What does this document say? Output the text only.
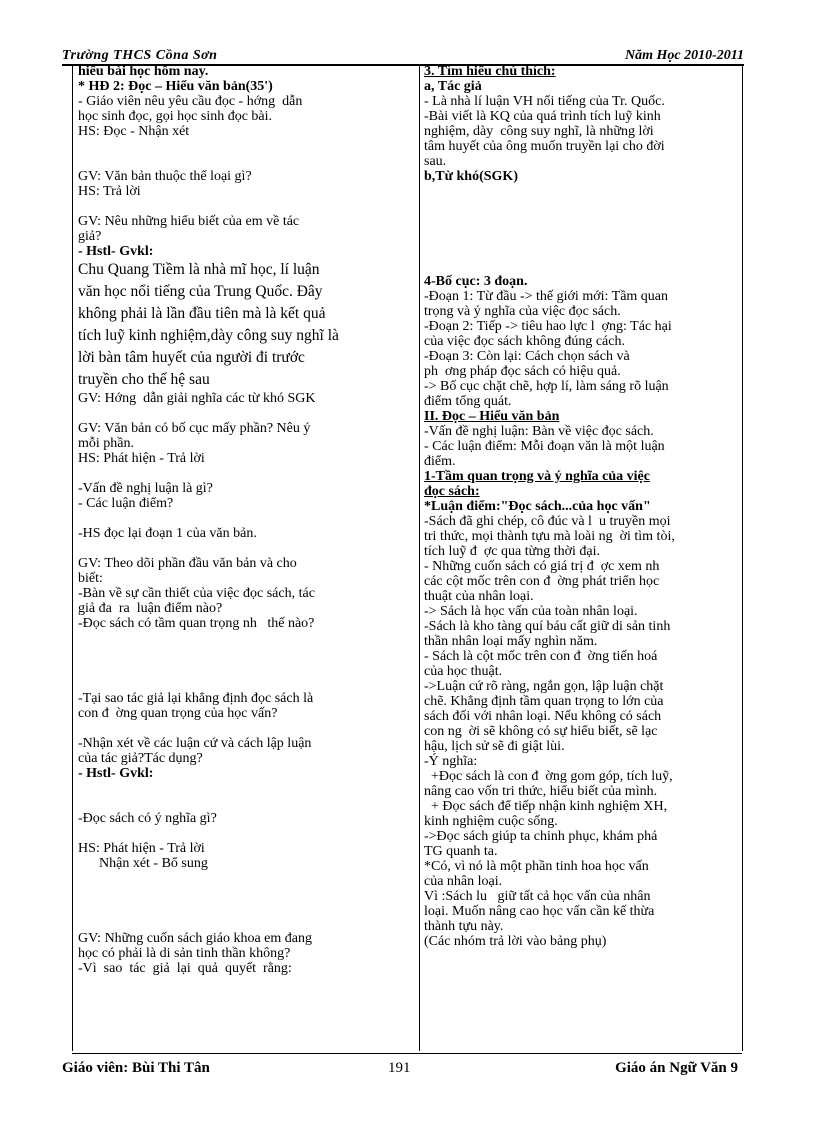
Trường THCS Cồna Sơn	Năm Học 2010-2011
hiểu bài học hôm nay.
* HĐ 2: Đọc – Hiểu văn bản(35')
- Giáo viên nêu yêu cầu đọc - hớng  dẫn
học sinh đọc, gọi học sinh đọc bài.
HS: Đọc - Nhận xét

GV: Văn bản thuộc thể loại gì?
HS: Trả lời

GV: Nêu những hiểu biết của em về tác
giả?
- Hstl- Gvkl:
Chu Quang Tiềm là nhà mĩ học, lí luận
văn học nổi tiếng của Trung Quốc. Đây
không phải là lần đầu tiên mà là kết quả
tích luỹ kinh nghiệm,dày công suy nghĩ là
lời bàn tâm huyết của người đi trước
truyền cho thế hệ sau
GV: Hớng  dẫn giải nghĩa các từ khó SGK

GV: Văn bản có bố cục mấy phần? Nêu ý
mỗi phần.
HS: Phát hiện - Trả lời

-Vấn đề nghị luận là gì?
- Các luận điểm?

-HS đọc lại đoạn 1 của văn bản.

GV: Theo dõi phần đầu văn bản và cho
biết:
-Bàn về sự cần thiết của việc đọc sách, tác
giả đa  ra  luận điểm nào?
-Đọc sách có tầm quan trọng nh   thế nào?

-Tại sao tác giả lại khẳng định đọc sách là
con đ  ờng quan trọng của học vấn?

-Nhận xét về các luận cứ và cách lập luận
của tác giả?Tác dụng?
- Hstl- Gvkl:

-Đọc sách có ý nghĩa gì?

HS: Phát hiện - Trả lời
Nhận xét - Bổ sung

GV: Những cuốn sách giáo khoa em đang
học có phải là di sản tinh thần không?
-Vì  sao  tác  giả  lại  quả  quyết  rằng:
3. Tìm hiểu chú thích:
a, Tác giả
- Là nhà lí luận VH nổi tiếng của Tr. Quốc.
-Bài viết là KQ của quá trình tích luỹ kinh
nghiệm, dày  công suy nghĩ, là những lời
tâm huyết của ông muốn truyền lại cho đời
sau.
b,Từ khó(SGK)

4-Bố cục: 3 đoạn.
-Đoạn 1: Từ đầu -> thế giới mới: Tầm quan
trọng và ý nghĩa của việc đọc sách.
-Đoạn 2: Tiếp -> tiêu hao lực l  ợng: Tác hại
của việc đọc sách không đúng cách.
-Đoạn 3: Còn lại: Cách chọn sách và
ph  ơng pháp đọc sách có hiệu quả.
-> Bố cục chặt chẽ, hợp lí, làm sáng rõ luận
điểm tổng quát.
II. Đọc – Hiểu văn bản
-Vấn đề nghị luận: Bàn về việc đọc sách.
- Các luận điểm: Mỗi đoạn văn là một luận
điểm.
1-Tầm quan trọng và ý nghĩa của việc
đọc sách:
*Luận điểm:"Đọc sách...của học vấn"
-Sách đã ghi chép, cô đúc và l  u truyền mọi
tri thức, mọi thành tựu mà loài ng  ời tìm tòi,
tích luỹ đ  ợc qua từng thời đại.
- Những cuốn sách có giá trị đ  ợc xem nh
các cột mốc trên con đ  ờng phát triển học
thuật của nhân loại.
-> Sách là học vấn của toàn nhân loại.
-Sách là kho tàng quí báu cất giữ di sản tinh
thần nhân loại mấy nghìn năm.
- Sách là cột mốc trên con đ  ờng tiến hoá
của học thuật.
->Luận cứ rõ ràng, ngắn gọn, lập luận chặt
chẽ. Khẳng định tầm quan trọng to lớn của
sách đối với nhân loại. Nếu không có sách
con ng  ời sẽ không có sự hiểu biết, sẽ lạc
hậu, lịch sử sẽ đi giật lùi.
-Ý nghĩa:
+Đọc sách là con đ  ờng gom góp, tích luỹ,
nâng cao vốn tri thức, hiểu biết của mình.
+ Đọc sách để tiếp nhận kinh nghiệm XH,
kinh nghiệm cuộc sống.
->Đọc sách giúp ta chinh phục, khám phá
TG quanh ta.
*Có, vì nó là một phần tinh hoa học vấn
của nhân loại.
Vì :Sách lu   giữ tất cả học vấn của nhân
loại. Muốn nâng cao học vấn cần kế thừa
thành tựu này.
(Các nhóm trả lời vào bảng phụ)
Giáo viên: Bùi Thi Tân	191	Giáo án Ngữ Văn 9
